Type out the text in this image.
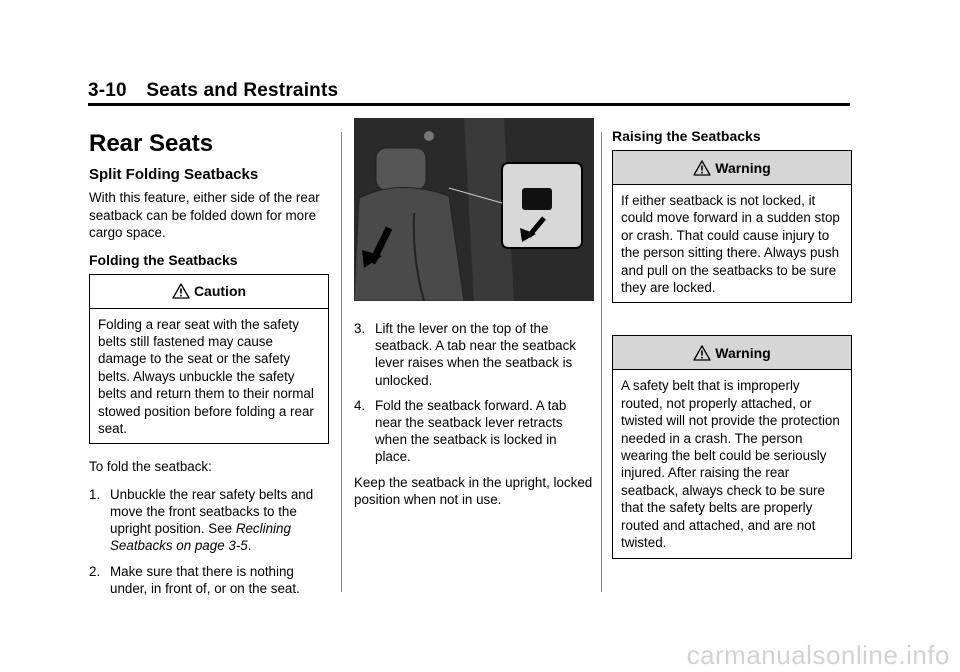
3-10 Seats and Restraints
Rear Seats
Split Folding Seatbacks

With this feature, either side of the rear seatback can be folded down for more cargo space.

Folding the Seatbacks
Caution
Folding a rear seat with the safety belts still fastened may cause damage to the seat or the safety belts. Always unbuckle the safety belts and return them to their normal stowed position before folding a rear seat.

To fold the seatback:

1. Unbuckle the rear safety belts and move the front seatbacks to the upright position. See Reclining Seatbacks on page 3-5.
2. Make sure that there is nothing under, in front of, or on the seat.
3. Lift the lever on the top of the seatback. A tab near the seatback lever raises when the seatback is unlocked.
4. Fold the seatback forward. A tab near the seatback lever retracts when the seatback is locked in place.

Keep the seatback in the upright, locked position when not in use.

Raising the Seatbacks
Warning
If either seatback is not locked, it could move forward in a sudden stop or crash. That could cause injury to the person sitting there. Always push and pull on the seatbacks to be sure they are locked.
Warning
A safety belt that is improperly routed, not properly attached, or twisted will not provide the protection needed in a crash. The person wearing the belt could be seriously injured. After raising the rear seatback, always check to be sure that the safety belts are properly routed and attached, and are not twisted.
carmanualsonline.info
